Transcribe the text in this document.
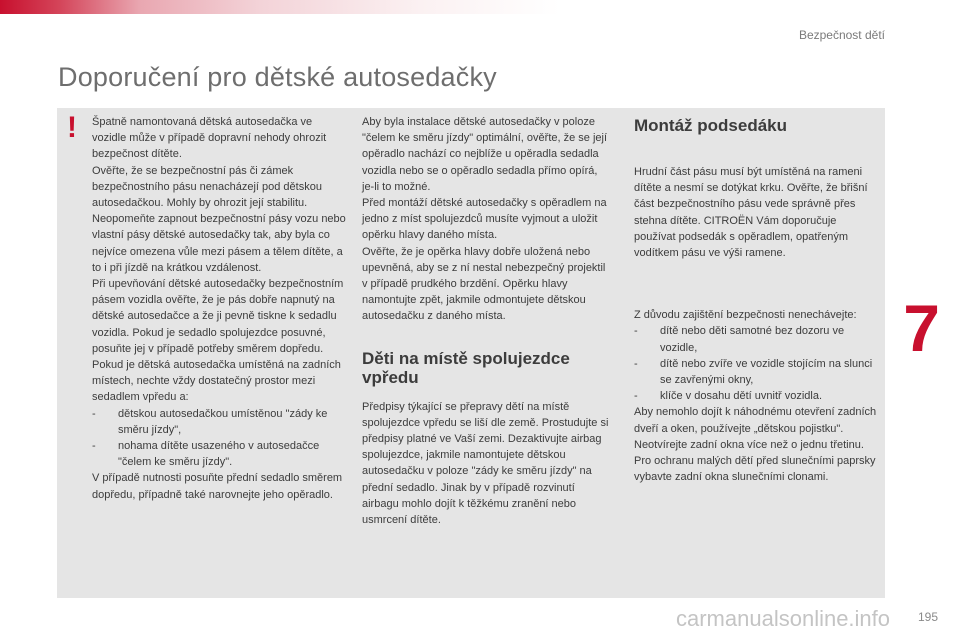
Bezpečnost dětí
Doporučení pro dětské autosedačky
! Špatně namontovaná dětská autosedačka ve vozidle může v případě dopravní nehody ohrozit bezpečnost dítěte.

Ověřte, že se bezpečnostní pás či zámek bezpečnostního pásu nenacházejí pod dětskou autosedačkou. Mohly by ohrozit její stabilitu.

Neopomeňte zapnout bezpečnostní pásy vozu nebo vlastní pásy dětské autosedačky tak, aby byla co nejvíce omezena vůle mezi pásem a tělem dítěte, a to i při jízdě na krátkou vzdálenost.

Při upevňování dětské autosedačky bezpečnostním pásem vozidla ověřte, že je pás dobře napnutý na dětské autosedačce a že ji pevně tiskne k sedadlu vozidla. Pokud je sedadlo spolujezdce posuvné, posuňte jej v případě potřeby směrem dopředu.

Pokud je dětská autosedačka umístěná na zadních místech, nechte vždy dostatečný prostor mezi sedadlem vpředu a:

-	dětskou autosedačkou umístěnou "zády ke směru jízdy",
-	nohama dítěte usazeného v autosedačce "čelem ke směru jízdy".

V případě nutnosti posuňte přední sedadlo směrem dopředu, případně také narovnejte jeho opěradlo.

Aby byla instalace dětské autosedačky v poloze "čelem ke směru jízdy" optimální, ověřte, že se její opěradlo nachází co nejblíže u opěradla sedadla vozidla nebo se o opěradlo sedadla přímo opírá, je-li to možné.

Před montáží dětské autosedačky s opěradlem na jedno z míst spolujezdců musíte vyjmout a uložit opěrku hlavy daného místa.

Ověřte, že je opěrka hlavy dobře uložená nebo upevněná, aby se z ní nestal nebezpečný projektil v případě prudkého brzdění. Opěrku hlavy namontujte zpět, jakmile odmontujete dětskou autosedačku z daného místa.

Děti na místě spolujezdce vpředu

Předpisy týkající se přepravy dětí na místě spolujezdce vpředu se liší dle země. Prostudujte si předpisy platné ve Vaší zemi. Dezaktivujte airbag spolujezdce, jakmile namontujete dětskou autosedačku v poloze "zády ke směru jízdy" na přední sedadlo. Jinak by v případě rozvinutí airbagu mohlo dojít k těžkému zranění nebo usmrcení dítěte.

Montáž podsedáku

Hrudní část pásu musí být umístěná na rameni dítěte a nesmí se dotýkat krku. Ověřte, že břišní část bezpečnostního pásu vede správně přes stehna dítěte. CITROËN Vám doporučuje používat podsedák s opěradlem, opatřeným vodítkem pásu ve výši ramene.

Z důvodu zajištění bezpečnosti nenechávejte:

-	dítě nebo děti samotné bez dozoru ve vozidle,
-	dítě nebo zvíře ve vozidle stojícím na slunci se zavřenými okny,
-	klíče v dosahu dětí uvnitř vozidla.

Aby nemohlo dojít k náhodnému otevření zadních dveří a oken, používejte „dětskou pojistku".

Neotvírejte zadní okna více než o jednu třetinu.

Pro ochranu malých dětí před slunečními paprsky vybavte zadní okna slunečními clonami.

7
carmanualsonline.info 195
